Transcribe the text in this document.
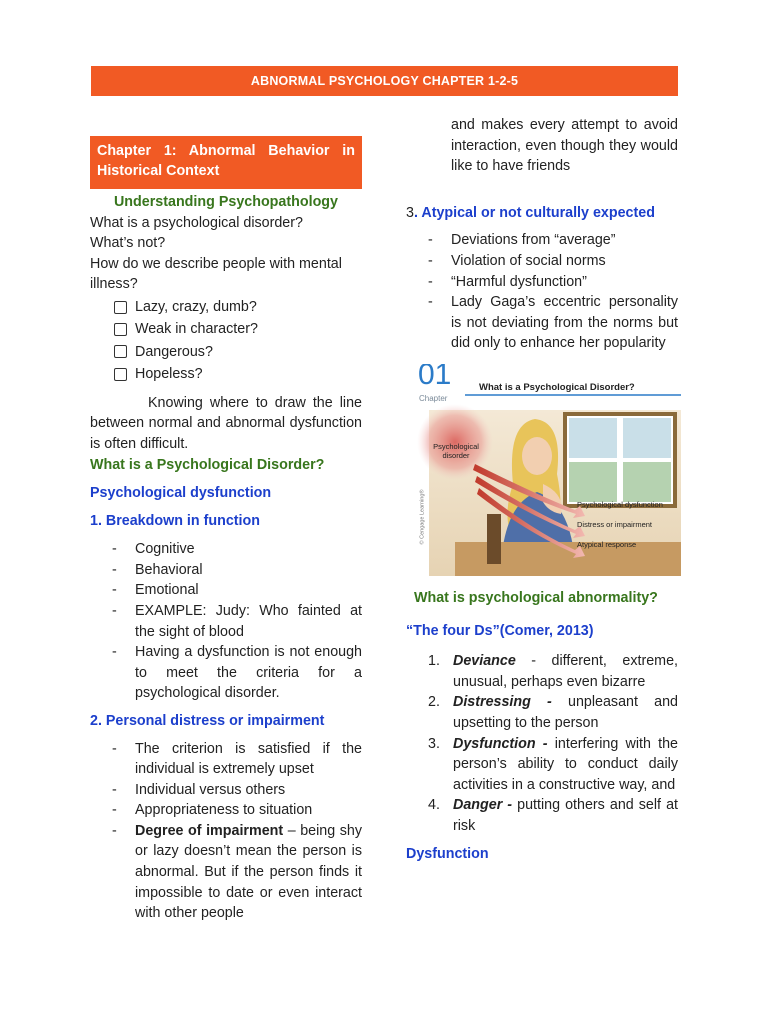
ABNORMAL PSYCHOLOGY CHAPTER 1-2-5
Chapter 1: Abnormal Behavior in Historical Context

Understanding Psychopathology

What is a psychological disorder?

What’s not?

How do we describe people with mental illness?

Lazy, crazy, dumb?
Weak in character?
Dangerous?
Hopeless?

Knowing where to draw the line between normal and abnormal dysfunction is often difficult.

What is a Psychological Disorder?

Psychological dysfunction

1. Breakdown in function

- Cognitive
- Behavioral
- Emotional
- EXAMPLE: Judy: Who fainted at the sight of blood
- Having a dysfunction is not enough to meet the criteria for a psychological disorder.

2. Personal distress or impairment

- The criterion is satisfied if the individual is extremely upset
- Individual versus others
- Appropriateness to situation
- Degree of impairment – being shy or lazy doesn’t mean the person is abnormal. But if the person finds it impossible to date or even interact with other people
and makes every attempt to avoid interaction, even though they would like to have friends

3. Atypical or not culturally expected

- Deviations from “average”
- Violation of social norms
- “Harmful dysfunction”
- Lady Gaga’s eccentric personality is not deviating from the norms but did only to enhance her popularity
01
Chapter
What is a Psychological Disorder?
Psychological disorder
Psychological dysfunction
Distress or impairment
Atypical response
© Cengage Learning®

What is psychological abnormality?

“The four Ds”(Comer, 2013)

1. Deviance - different, extreme, unusual, perhaps even bizarre
2. Distressing - unpleasant and upsetting to the person
3. Dysfunction - interfering with the person’s ability to conduct daily activities in a constructive way, and
4. Danger - putting others and self at risk

Dysfunction
